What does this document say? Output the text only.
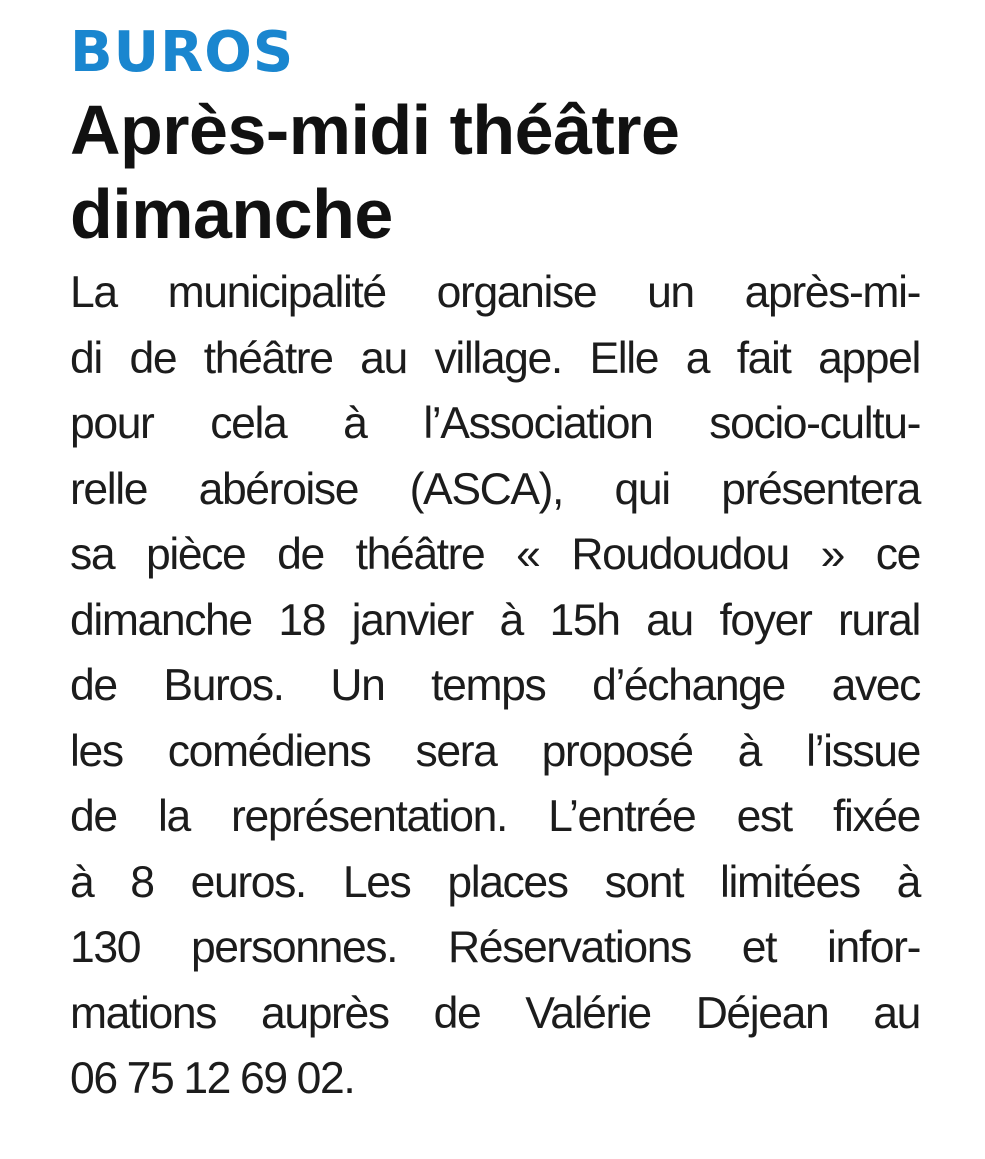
BUROS
Après-midi théâtre
dimanche
La municipalité organise un après-mi-
di de théâtre au village. Elle a fait appel
pour cela à l’Association socio-cultu-
relle abéroise (ASCA), qui présentera
sa pièce de théâtre « Roudoudou » ce
dimanche 18 janvier à 15h au foyer rural
de Buros. Un temps d’échange avec
les comédiens sera proposé à l’issue
de la représentation. L’entrée est fixée
à 8 euros. Les places sont limitées à
130 personnes. Réservations et infor-
mations auprès de Valérie Déjean au
06 75 12 69 02.
